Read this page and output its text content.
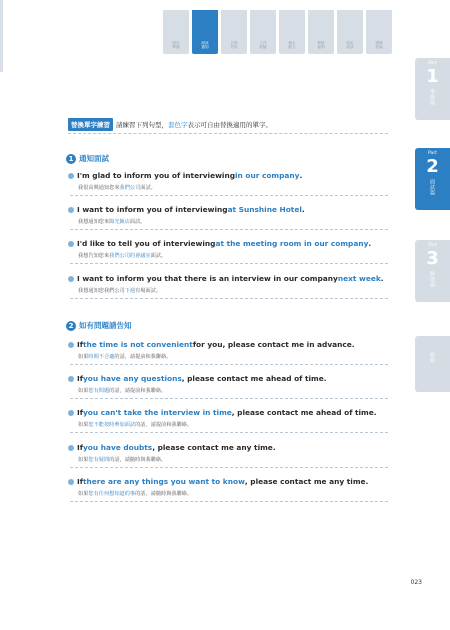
面試
準備
面試
通知
自我
介紹
工作
經驗
個人
能力
薪資
福利
結束
面試
感謝
信函
Part
1
準備篇
Part
2
面試篇
Part
3
錄取篇
附錄
替換單字練習 請練習下列句型，套色字表示可自由替換適用的單字。
1 通知面試
I'm glad to inform you of interviewing in our company .
我很高興通知您來我們公司面試。
I want to inform you of interviewing at Sunshine Hotel .
我想通知您來陽光飯店面試。
I'd like to tell you of interviewing at the meeting room in our company .
我想告知您來我們公司的會議室面試。
I want to inform you that there is an interview in our company next week .
我想通知您我們公司下週有場面試。
2 如有問題請告知
If the time is not convenient for you, please contact me in advance.
如果時間不合適的話，請提前和我聯絡。
If you have any questions , please contact me ahead of time.
如果您有問題的話，請提前和我聯絡。
If you can't take the interview in time , please contact me ahead of time.
如果您不能按時參加面試的話，請提前和我聯絡。
If you have doubts , please contact me any time.
如果您有疑問的話，請隨時與我聯絡。
If there are any things you want to know , please contact me any time.
如果您有任何想知道的事的話，請隨時與我聯絡。
023
